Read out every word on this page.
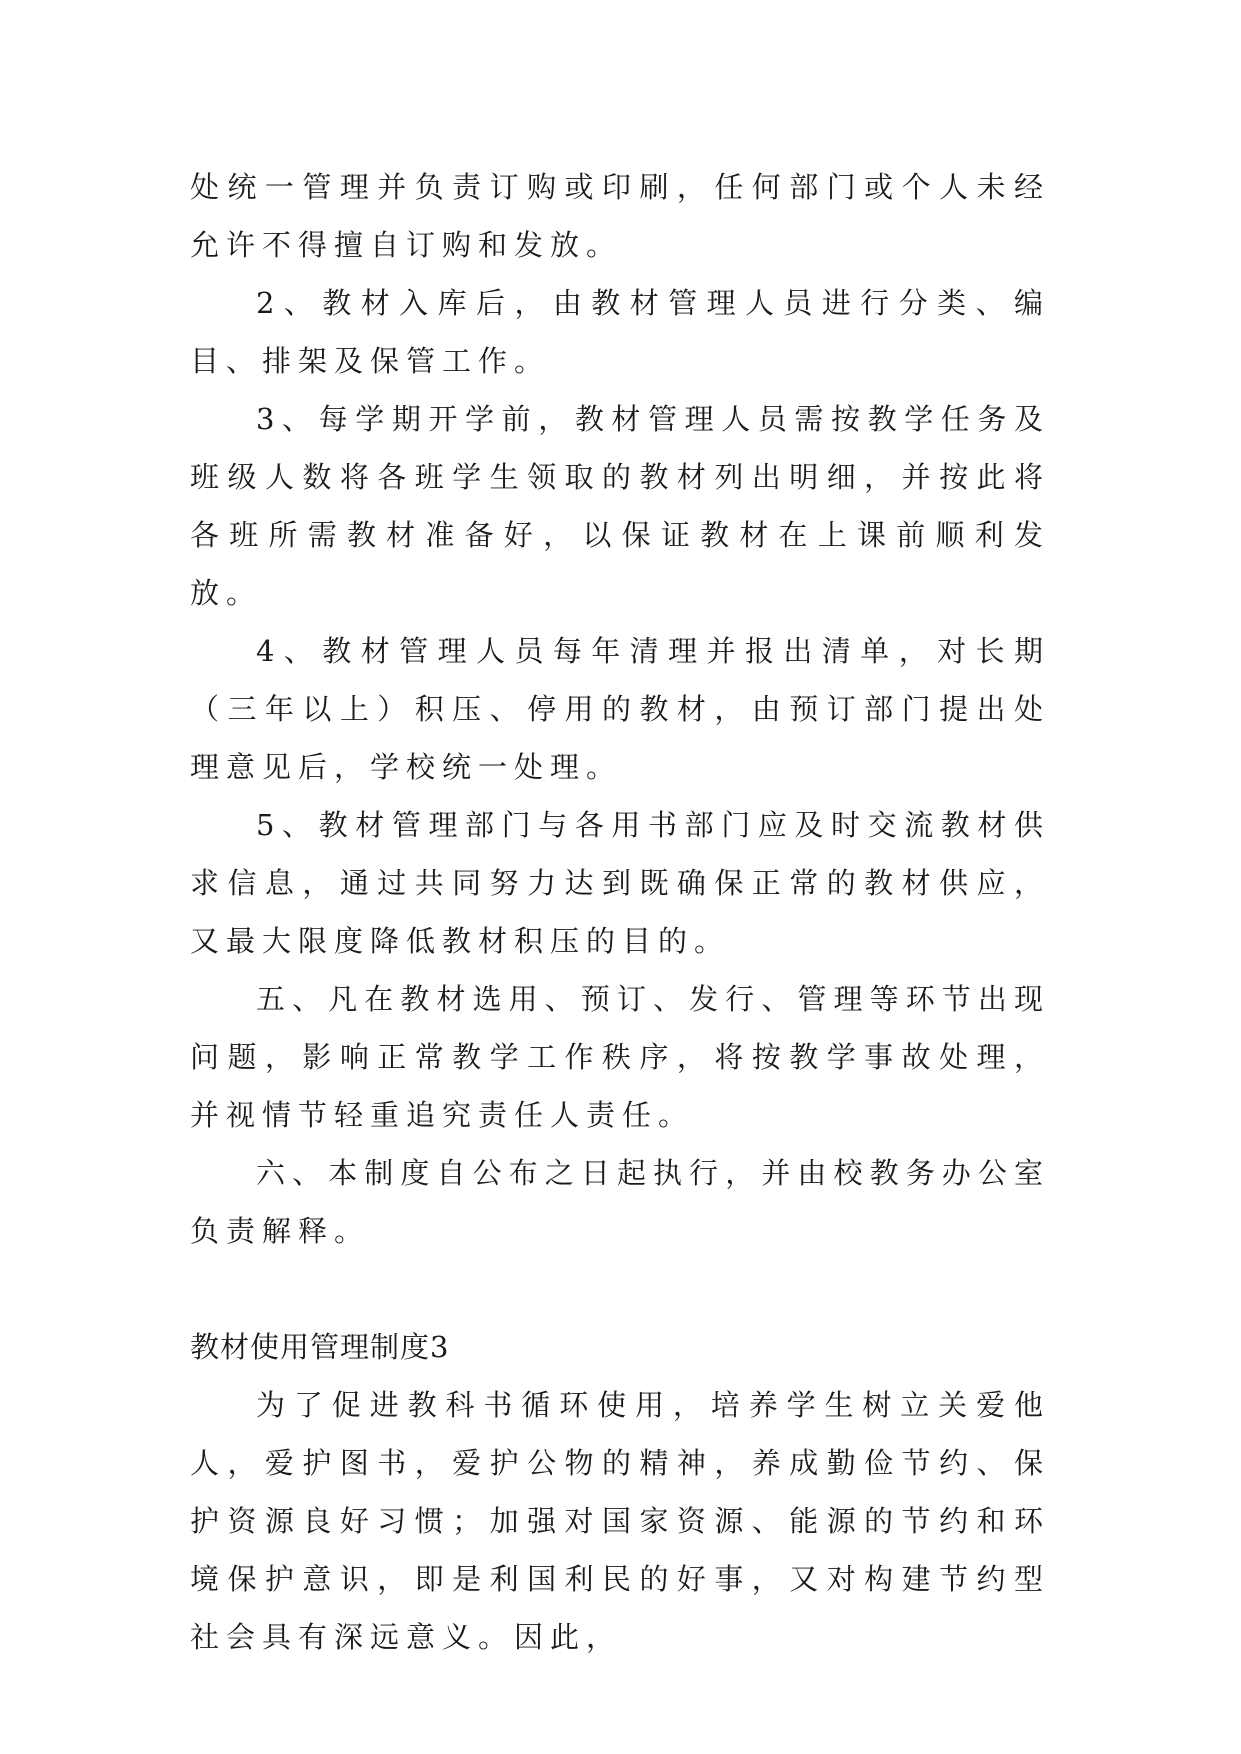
处统一管理并负责订购或印刷，任何部门或个人未经允许不得擅自订购和发放。

2、教材入库后，由教材管理人员进行分类、编目、排架及保管工作。

3、每学期开学前，教材管理人员需按教学任务及班级人数将各班学生领取的教材列出明细，并按此将各班所需教材准备好，以保证教材在上课前顺利发放。

4、教材管理人员每年清理并报出清单，对长期（三年以上）积压、停用的教材，由预订部门提出处理意见后，学校统一处理。

5、教材管理部门与各用书部门应及时交流教材供求信息，通过共同努力达到既确保正常的教材供应，又最大限度降低教材积压的目的。

五、凡在教材选用、预订、发行、管理等环节出现问题，影响正常教学工作秩序，将按教学事故处理，并视情节轻重追究责任人责任。

六、本制度自公布之日起执行，并由校教务办公室负责解释。

教材使用管理制度3

为了促进教科书循环使用，培养学生树立关爱他人，爱护图书，爱护公物的精神，养成勤俭节约、保护资源良好习惯；加强对国家资源、能源的节约和环境保护意识，即是利国利民的好事，又对构建节约型社会具有深远意义。因此，
